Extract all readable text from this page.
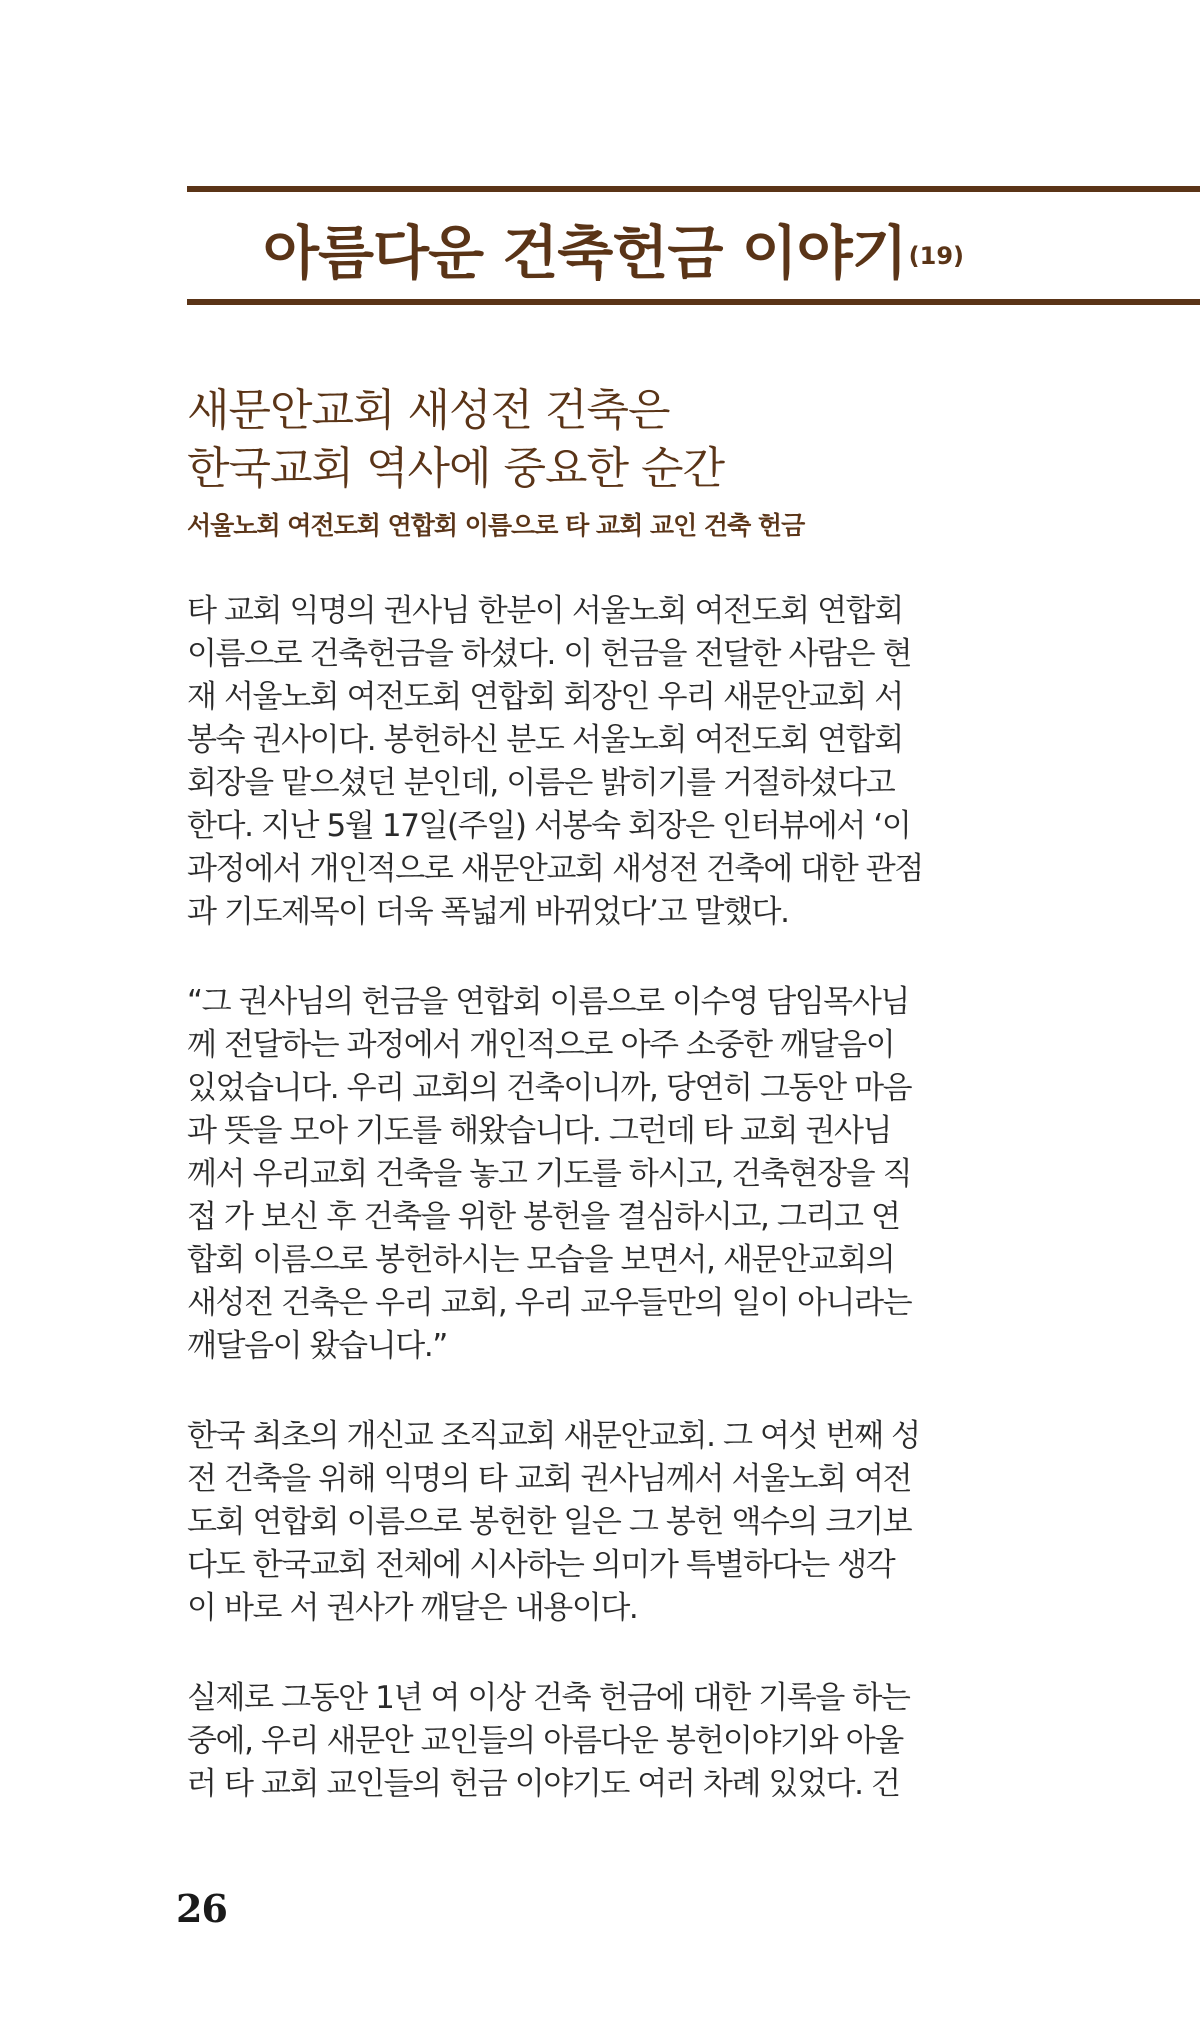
아름다운 건축헌금 이야기 (19)
새문안교회 새성전 건축은
한국교회 역사에 중요한 순간
서울노회 여전도회 연합회 이름으로 타 교회 교인 건축 헌금

타 교회 익명의 권사님 한분이 서울노회 여전도회 연합회
이름으로 건축헌금을 하셨다. 이 헌금을 전달한 사람은 현
재 서울노회 여전도회 연합회 회장인 우리 새문안교회 서
봉숙 권사이다. 봉헌하신 분도 서울노회 여전도회 연합회
회장을 맡으셨던 분인데, 이름은 밝히기를 거절하셨다고
한다. 지난 5월 17일(주일) 서봉숙 회장은 인터뷰에서 ‘이
과정에서 개인적으로 새문안교회 새성전 건축에 대한 관점
과 기도제목이 더욱 폭넓게 바뀌었다’고 말했다.

“그 권사님의 헌금을 연합회 이름으로 이수영 담임목사님
께 전달하는 과정에서 개인적으로 아주 소중한 깨달음이
있었습니다. 우리 교회의 건축이니까, 당연히 그동안 마음
과 뜻을 모아 기도를 해왔습니다. 그런데 타 교회 권사님
께서 우리교회 건축을 놓고 기도를 하시고, 건축현장을 직
접 가 보신 후 건축을 위한 봉헌을 결심하시고, 그리고 연
합회 이름으로 봉헌하시는 모습을 보면서, 새문안교회의
새성전 건축은 우리 교회, 우리 교우들만의 일이 아니라는
깨달음이 왔습니다.”

한국 최초의 개신교 조직교회 새문안교회. 그 여섯 번째 성
전 건축을 위해 익명의 타 교회 권사님께서 서울노회 여전
도회 연합회 이름으로 봉헌한 일은 그 봉헌 액수의 크기보
다도 한국교회 전체에 시사하는 의미가 특별하다는 생각
이 바로 서 권사가 깨달은 내용이다.

실제로 그동안 1년 여 이상 건축 헌금에 대한 기록을 하는
중에, 우리 새문안 교인들의 아름다운 봉헌이야기와 아울
러 타 교회 교인들의 헌금 이야기도 여러 차례 있었다. 건

26
